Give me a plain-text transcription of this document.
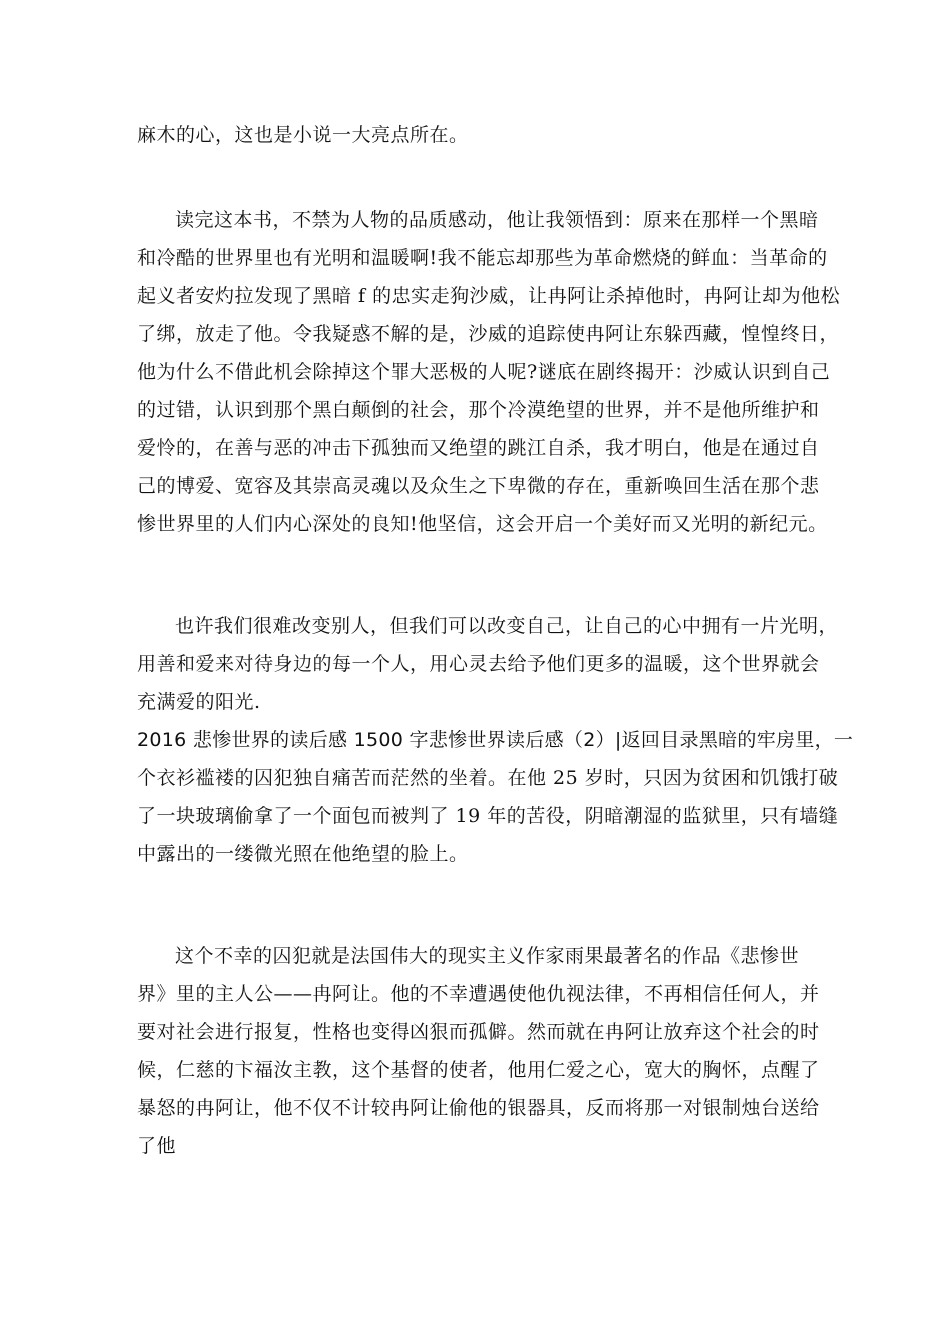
麻木的心，这也是小说一大亮点所在。
读完这本书，不禁为人物的品质感动，他让我领悟到：原来在那样一个黑暗
和冷酷的世界里也有光明和温暖啊!我不能忘却那些为革命燃烧的鲜血：当革命的
起义者安灼拉发现了黑暗 f 的忠实走狗沙威，让冉阿让杀掉他时，冉阿让却为他松
了绑，放走了他。令我疑惑不解的是，沙威的追踪使冉阿让东躲西藏，惶惶终日，
他为什么不借此机会除掉这个罪大恶极的人呢?谜底在剧终揭开：沙威认识到自己
的过错，认识到那个黑白颠倒的社会，那个冷漠绝望的世界，并不是他所维护和
爱怜的，在善与恶的冲击下孤独而又绝望的跳江自杀，我才明白，他是在通过自
己的博爱、宽容及其崇高灵魂以及众生之下卑微的存在，重新唤回生活在那个悲
惨世界里的人们内心深处的良知!他坚信，这会开启一个美好而又光明的新纪元。
也许我们很难改变别人，但我们可以改变自己，让自己的心中拥有一片光明，
用善和爱来对待身边的每一个人，用心灵去给予他们更多的温暖，这个世界就会
充满爱的阳光.
2016 悲惨世界的读后感 1500 字悲惨世界读后感（2）|返回目录黑暗的牢房里，一
个衣衫褴褛的囚犯独自痛苦而茫然的坐着。在他 25 岁时，只因为贫困和饥饿打破
了一块玻璃偷拿了一个面包而被判了 19 年的苦役，阴暗潮湿的监狱里，只有墙缝
中露出的一缕微光照在他绝望的脸上。
这个不幸的囚犯就是法国伟大的现实主义作家雨果最著名的作品《悲惨世
界》里的主人公——冉阿让。他的不幸遭遇使他仇视法律，不再相信任何人，并
要对社会进行报复，性格也变得凶狠而孤僻。然而就在冉阿让放弃这个社会的时
候，仁慈的卞福汝主教，这个基督的使者，他用仁爱之心，宽大的胸怀，点醒了
暴怒的冉阿让，他不仅不计较冉阿让偷他的银器具，反而将那一对银制烛台送给
了他
